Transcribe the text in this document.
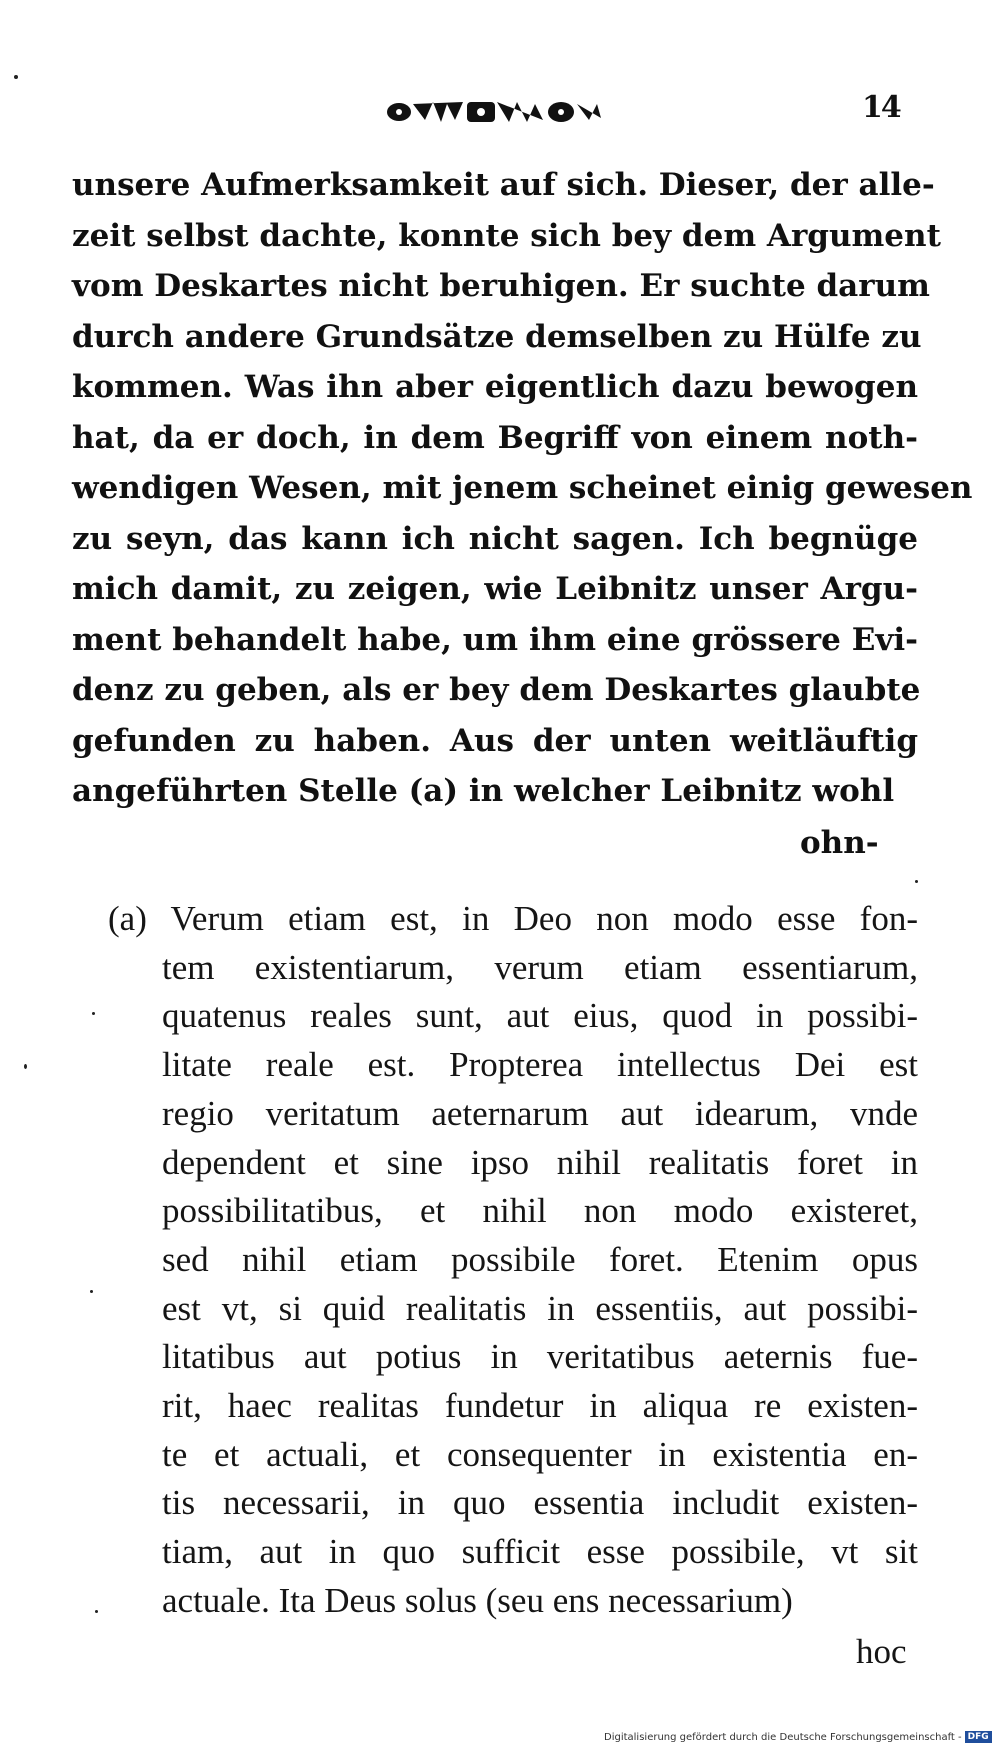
14
unsere Aufmerksamkeit auf sich. Dieser, der alle-
zeit selbst dachte, konnte sich bey dem Argument
vom Deskartes nicht beruhigen. Er suchte darum
durch andere Grundsätze demselben zu Hülfe zu
kommen. Was ihn aber eigentlich dazu bewogen
hat, da er doch, in dem Begriff von einem noth-
wendigen Wesen, mit jenem scheinet einig gewesen
zu seyn, das kann ich nicht sagen. Ich begnüge
mich damit, zu zeigen, wie Leibnitz unser Argu-
ment behandelt habe, um ihm eine grössere Evi-
denz zu geben, als er bey dem Deskartes glaubte
gefunden zu haben. Aus der unten weitläuftig
angeführten Stelle (a) in welcher Leibnitz wohl
ohn-
(a) Verum etiam est, in Deo non modo esse fon-
tem existentiarum, verum etiam essentiarum,
quatenus reales sunt, aut eius, quod in possibi-
litate reale est. Propterea intellectus Dei est
regio veritatum aeternarum aut idearum, vnde
dependent et sine ipso nihil realitatis foret in
possibilitatibus, et nihil non modo existeret,
sed nihil etiam possibile foret. Etenim opus
est vt, si quid realitatis in essentiis, aut possibi-
litatibus aut potius in veritatibus aeternis fue-
rit, haec realitas fundetur in aliqua re existen-
te et actuali, et consequenter in existentia en-
tis necessarii, in quo essentia includit existen-
tiam, aut in quo sufficit esse possibile, vt sit
actuale. Ita Deus solus (seu ens necessarium)
hoc
Digitalisierung gefördert durch die Deutsche Forschungsgemeinschaft - DFG
